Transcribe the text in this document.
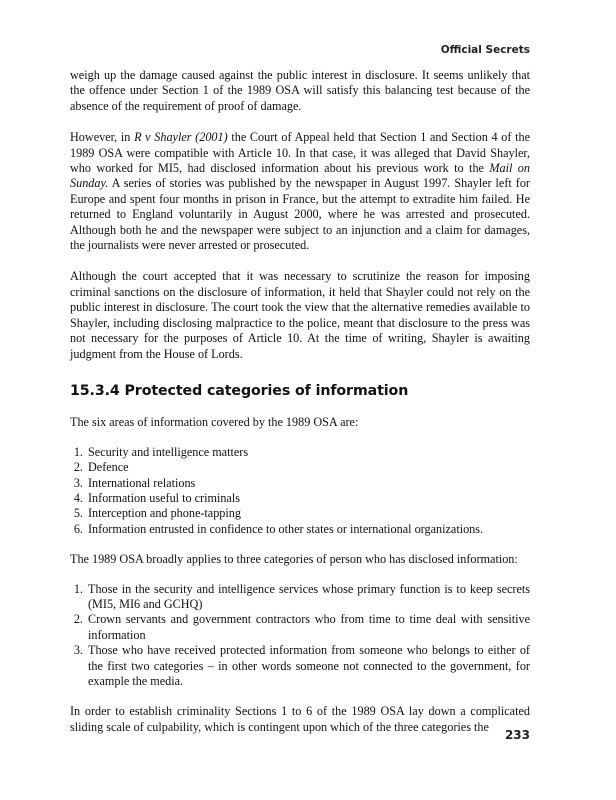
Official Secrets

weigh up the damage caused against the public interest in disclosure. It seems unlikely that the offence under Section 1 of the 1989 OSA will satisfy this balancing test because of the absence of the requirement of proof of damage.

However, in R v Shayler (2001) the Court of Appeal held that Section 1 and Section 4 of the 1989 OSA were compatible with Article 10. In that case, it was alleged that David Shayler, who worked for MI5, had disclosed information about his previous work to the Mail on Sunday. A series of stories was published by the newspaper in August 1997. Shayler left for Europe and spent four months in prison in France, but the attempt to extradite him failed. He returned to England voluntarily in August 2000, where he was arrested and prosecuted. Although both he and the newspaper were subject to an injunction and a claim for damages, the journalists were never arrested or prosecuted.

Although the court accepted that it was necessary to scrutinize the reason for imposing criminal sanctions on the disclosure of information, it held that Shayler could not rely on the public interest in disclosure. The court took the view that the alternative remedies available to Shayler, including disclosing malpractice to the police, meant that disclosure to the press was not necessary for the purposes of Article 10. At the time of writing, Shayler is awaiting judgment from the House of Lords.

15.3.4 Protected categories of information

The six areas of information covered by the 1989 OSA are:

1. Security and intelligence matters
2. Defence
3. International relations
4. Information useful to criminals
5. Interception and phone-tapping
6. Information entrusted in confidence to other states or international organizations.

The 1989 OSA broadly applies to three categories of person who has disclosed information:

1. Those in the security and intelligence services whose primary function is to keep secrets (MI5, MI6 and GCHQ)
2. Crown servants and government contractors who from time to time deal with sensitive information
3. Those who have received protected information from someone who belongs to either of the first two categories – in other words someone not connected to the government, for example the media.

In order to establish criminality Sections 1 to 6 of the 1989 OSA lay down a complicated sliding scale of culpability, which is contingent upon which of the three categories the

233
